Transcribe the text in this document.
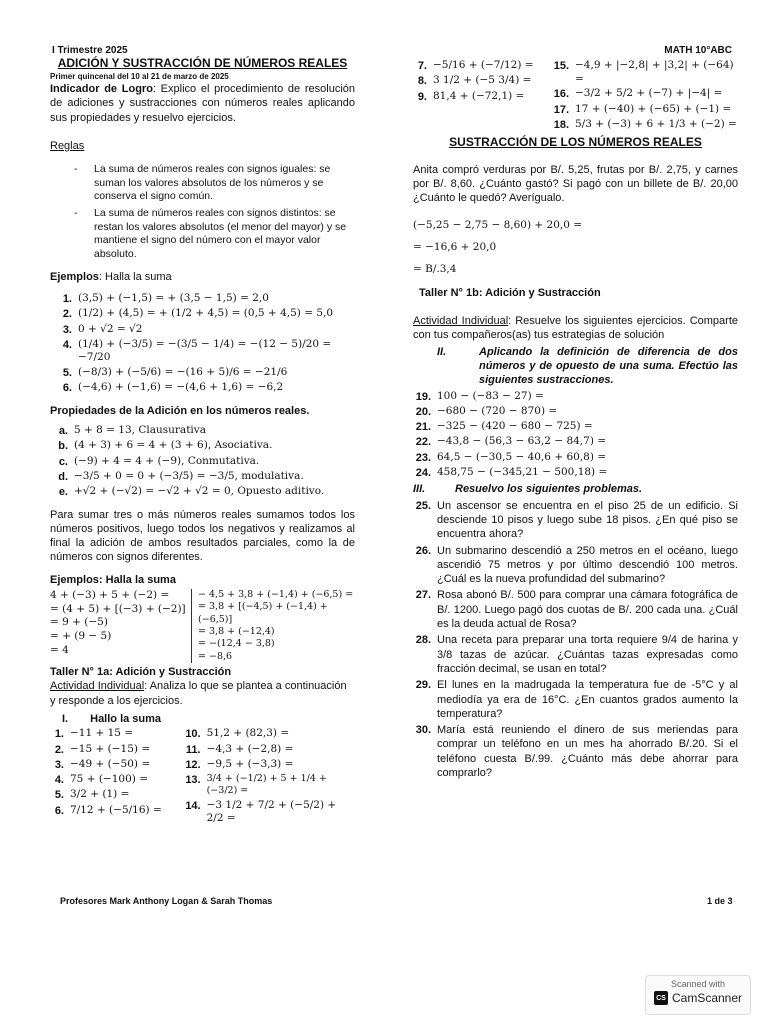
I Trimestre 2025	MATH 10°ABC

ADICIÓN Y SUSTRACCIÓN DE NÚMEROS REALES

Primer quincenal del 10 al 21 de marzo de 2025

Indicador de Logro: Explico el procedimiento de resolución de adiciones y sustracciones con números reales aplicando sus propiedades y resuelvo ejercicios.

Reglas

- La suma de números reales con signos iguales: se suman los valores absolutos de los números y se conserva el signo común.
- La suma de números reales con signos distintos: se restan los valores absolutos (el menor del mayor) y se mantiene el signo del número con el mayor valor absoluto.

Ejemplos: Halla la suma

1. (3,5) + (−1,5) = + (3,5 − 1,5) = 2,0
2. (1/2) + (4,5) = + (1/2 + 4,5) = (0,5 + 4,5) = 5,0
3. 0 + √2 = √2
4. (1/4) + (−3/5) = −(3/5 − 1/4) = −(12 − 5)/20 = −7/20
5. (−8/3) + (−5/6) = −(16 + 5)/6 = −21/6
6. (−4,6) + (−1,6) = −(4,6 + 1,6) = −6,2

Propiedades de la Adición en los números reales.

a. 5 + 8 = 13, Clausurativa
b. (4 + 3) + 6 = 4 + (3 + 6), Asociativa.
c. (−9) + 4 = 4 + (−9), Conmutativa.
d. −3/5 + 0 = 0 + (−3/5) = −3/5, modulativa.
e. +√2 + (−√2) = −√2 + √2 = 0, Opuesto aditivo.

Para sumar tres o más números reales sumamos todos los números positivos, luego todos los negativos y realizamos al final la adición de ambos resultados parciales, como la de números con signos diferentes.

Ejemplos: Halla la suma

4 + (−3) + 5 + (−2) =
= (4 + 5) + [(−3) + (−2)]
= 9 + (−5)
= + (9 − 5)
= 4
− 4,5 + 3,8 + (−1,4) + (−6,5) =
= 3,8 + [(−4,5) + (−1,4) + (−6,5)]
= 3,8 + (−12,4)
= −(12,4 − 3,8)
= −8,6

Taller N° 1a: Adición y Sustracción

Actividad Individual: Analiza lo que se plantea a continuación y responde a los ejercicios.

I. Hallo la suma

1. −11 + 15 =
2. −15 + (−15) =
3. −49 + (−50) =
4. 75 + (−100) =
5. 3/2 + (1) =
6. 7/12 + (−5/16) =
10. 51,2 + (82,3) =
11. −4,3 + (−2,8) =
12. −9,5 + (−3,3) =
13. 3/4 + (−1/2) + 5 + 1/4 + (−3/2) =
14. −3 1/2 + 7/2 + (−5/2) + 2/2 =
7. −5/16 + (−7/12) =
8. 3 1/2 + (−5 3/4) =
9. 81,4 + (−72,1) =
15. −4,9 + |−2,8| + |3,2| + (−64) =
16. −3/2 + 5/2 + (−7) + |−4| =
17. 17 + (−40) + (−65) + (−1) =
18. 5/3 + (−3) + 6 + 1/3 + (−2) =

SUSTRACCIÓN DE LOS NÚMEROS REALES

Anita compró verduras por B/. 5,25, frutas por B/. 2,75, y carnes por B/. 8,60. ¿Cuánto gastó? Si pagó con un billete de B/. 20,00 ¿Cuánto le quedó? Averígualo.

(−5,25 − 2,75 − 8,60) + 20,0 =
= −16,6 + 20,0
= B/.3,4

Taller N° 1b: Adición y Sustracción

Actividad Individual: Resuelve los siguientes ejercicios. Comparte con tus compañeros(as) tus estrategias de solución

II.	Aplicando la definición de diferencia de dos números y de opuesto de una suma. Efectúo las siguientes sustracciones.
19. 100 − (−83 − 27) =
20. −680 − (720 − 870) =
21. −325 − (420 − 680 − 725) =
22. −43,8 − (56,3 − 63,2 − 84,7) =
23. 64,5 − (−30,5 − 40,6 + 60,8) =
24. 458,75 − (−345,21 − 500,18) =
III.	Resuelvo los siguientes problemas.
25. Un ascensor se encuentra en el piso 25 de un edificio. Si desciende 10 pisos y luego sube 18 pisos. ¿En qué piso se encuentra ahora?
26. Un submarino descendió a 250 metros en el océano, luego ascendió 75 metros y por último descendió 100 metros. ¿Cuál es la nueva profundidad del submarino?
27. Rosa abonó B/. 500 para comprar una cámara fotográfica de B/. 1200. Luego pagó dos cuotas de B/. 200 cada una. ¿Cuál es la deuda actual de Rosa?
28. Una receta para preparar una torta requiere 9/4 de harina y 3/8 tazas de azúcar. ¿Cuántas tazas expresadas como fracción decimal, se usan en total?
29. El lunes en la madrugada la temperatura fue de -5°C y al mediodía ya era de 16°C. ¿En cuantos grados aumento la temperatura?
30. María está reuniendo el dinero de sus meriendas para comprar un teléfono en un mes ha ahorrado B/.20. Si el teléfono cuesta B/.99. ¿Cuánto más debe ahorrar para comprarlo?
Profesores Mark Anthony Logan & Sarah Thomas	1 de 3
Scanned with
CS CamScanner
